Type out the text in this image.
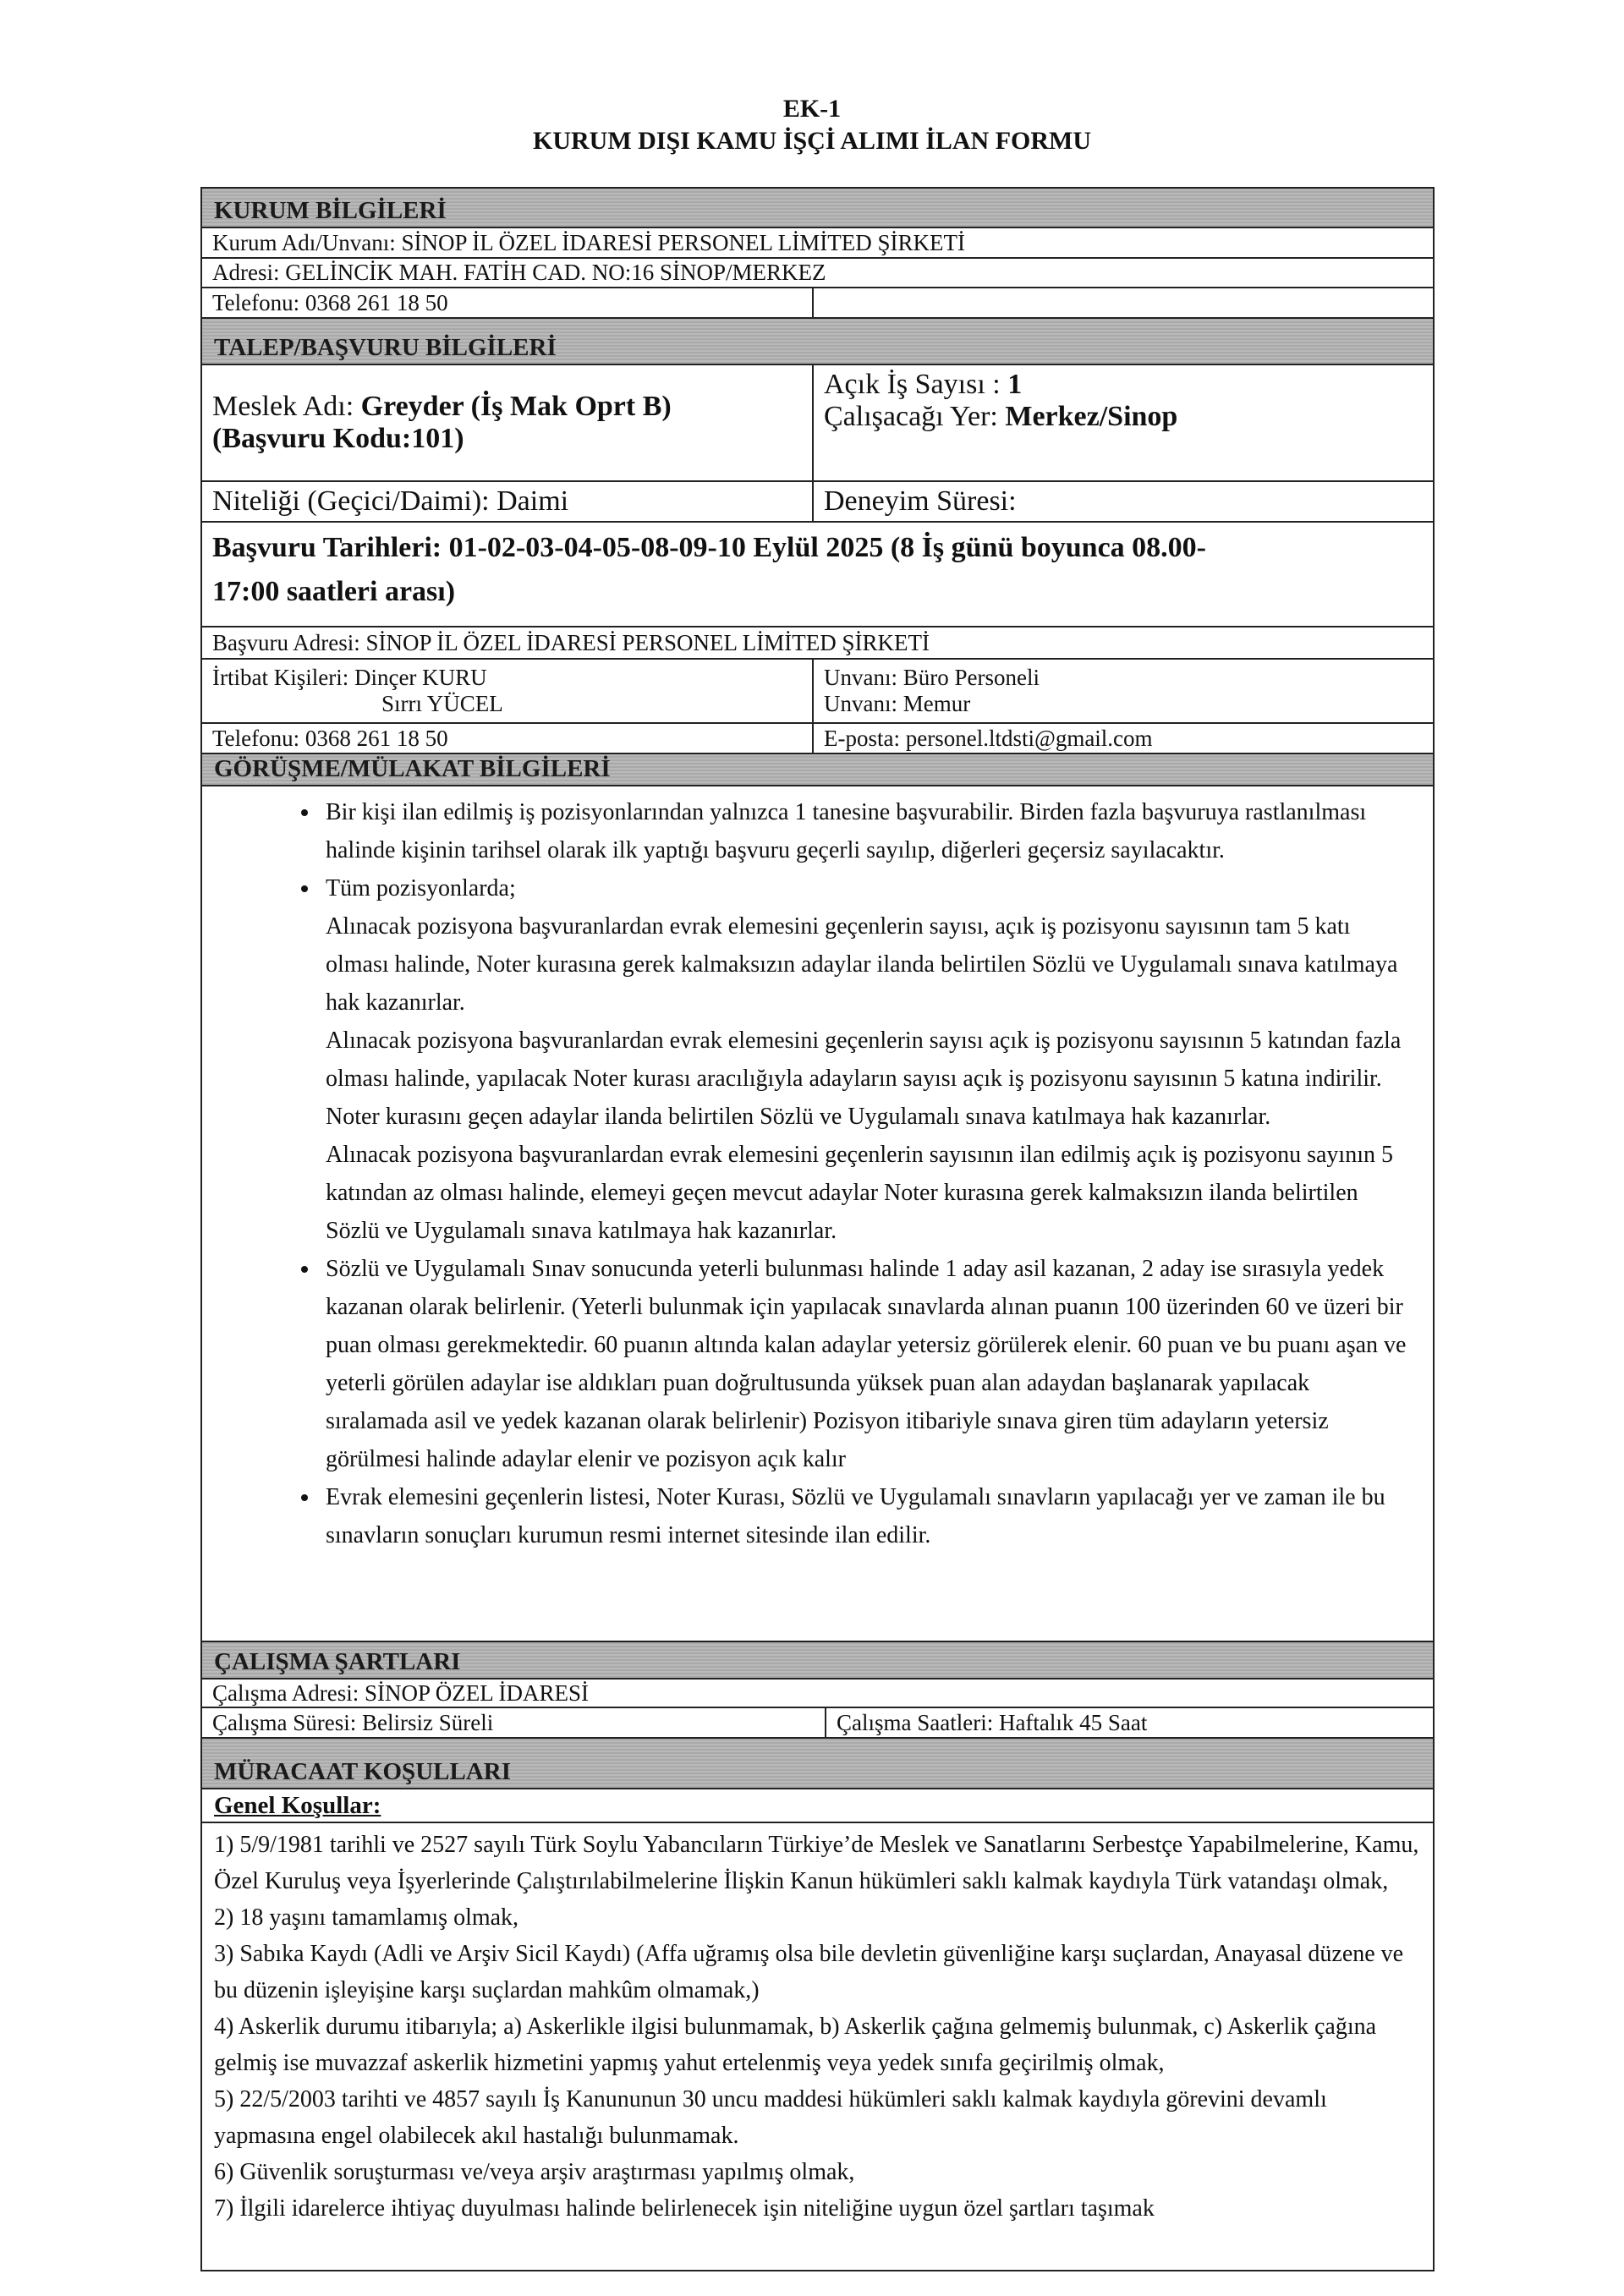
EK-1
KURUM DIŞI KAMU İŞÇİ ALIMI İLAN FORMU
KURUM BİLGİLERİ
Kurum Adı/Unvanı: SİNOP İL ÖZEL İDARESİ PERSONEL LİMİTED ŞİRKETİ
Adresi: GELİNCİK MAH. FATİH CAD. NO:16 SİNOP/MERKEZ
Telefonu: 0368 261 18 50
TALEP/BAŞVURU BİLGİLERİ
Meslek Adı: Greyder (İş Mak Oprt B)
(Başvuru Kodu:101)
Açık İş Sayısı : 1
Çalışacağı Yer: Merkez/Sinop
Niteliği (Geçici/Daimi): Daimi	Deneyim Süresi:
Başvuru Tarihleri: 01-02-03-04-05-08-09-10 Eylül 2025 (8 İş günü boyunca 08.00-
17:00 saatleri arası)
Başvuru Adresi: SİNOP İL ÖZEL İDARESİ PERSONEL LİMİTED ŞİRKETİ
İrtibat Kişileri: Dinçer KURU
Sırrı YÜCEL
Unvanı: Büro Personeli
Unvanı: Memur
Telefonu: 0368 261 18 50	E-posta: personel.ltdsti@gmail.com
GÖRÜŞME/MÜLAKAT BİLGİLERİ
• Bir kişi ilan edilmiş iş pozisyonlarından yalnızca 1 tanesine başvurabilir. Birden fazla başvuruya rastlanılması halinde kişinin tarihsel olarak ilk yaptığı başvuru geçerli sayılıp, diğerleri geçersiz sayılacaktır.

• Tüm pozisyonlarda;

Alınacak pozisyona başvuranlardan evrak elemesini geçenlerin sayısı, açık iş pozisyonu sayısının tam 5 katı olması halinde, Noter kurasına gerek kalmaksızın adaylar ilanda belirtilen Sözlü ve Uygulamalı sınava katılmaya hak kazanırlar.

Alınacak pozisyona başvuranlardan evrak elemesini geçenlerin sayısı açık iş pozisyonu sayısının 5 katından fazla olması halinde, yapılacak Noter kurası aracılığıyla adayların sayısı açık iş pozisyonu sayısının 5 katına indirilir. Noter kurasını geçen adaylar ilanda belirtilen Sözlü ve Uygulamalı sınava katılmaya hak kazanırlar.

Alınacak pozisyona başvuranlardan evrak elemesini geçenlerin sayısının ilan edilmiş açık iş pozisyonu sayının 5 katından az olması halinde, elemeyi geçen mevcut adaylar Noter kurasına gerek kalmaksızın ilanda belirtilen Sözlü ve Uygulamalı sınava katılmaya hak kazanırlar.

• Sözlü ve Uygulamalı Sınav sonucunda yeterli bulunması halinde 1 aday asil kazanan, 2 aday ise sırasıyla yedek kazanan olarak belirlenir. (Yeterli bulunmak için yapılacak sınavlarda alınan puanın 100 üzerinden 60 ve üzeri bir puan olması gerekmektedir. 60 puanın altında kalan adaylar yetersiz görülerek elenir. 60 puan ve bu puanı aşan ve yeterli görülen adaylar ise aldıkları puan doğrultusunda yüksek puan alan adaydan başlanarak yapılacak sıralamada asil ve yedek kazanan olarak belirlenir) Pozisyon itibariyle sınava giren tüm adayların yetersiz görülmesi halinde adaylar elenir ve pozisyon açık kalır
• Evrak elemesini geçenlerin listesi, Noter Kurası, Sözlü ve Uygulamalı sınavların yapılacağı yer ve zaman ile bu sınavların sonuçları kurumun resmi internet sitesinde ilan edilir.
ÇALIŞMA ŞARTLARI
Çalışma Adresi: SİNOP ÖZEL İDARESİ
Çalışma Süresi: Belirsiz Süreli	Çalışma Saatleri: Haftalık 45 Saat
MÜRACAAT KOŞULLARI
Genel Koşullar:

1) 5/9/1981 tarihli ve 2527 sayılı Türk Soylu Yabancıların Türkiye’de Meslek ve Sanatlarını Serbestçe Yapabilmelerine, Kamu, Özel Kuruluş veya İşyerlerinde Çalıştırılabilmelerine İlişkin Kanun hükümleri saklı kalmak kaydıyla Türk vatandaşı olmak,

2) 18 yaşını tamamlamış olmak,

3) Sabıka Kaydı (Adli ve Arşiv Sicil Kaydı) (Affa uğramış olsa bile devletin güvenliğine karşı suçlardan, Anayasal düzene ve bu düzenin işleyişine karşı suçlardan mahkûm olmamak,)

4) Askerlik durumu itibarıyla; a) Askerlikle ilgisi bulunmamak, b) Askerlik çağına gelmemiş bulunmak, c) Askerlik çağına gelmiş ise muvazzaf askerlik hizmetini yapmış yahut ertelenmiş veya yedek sınıfa geçirilmiş olmak,

5) 22/5/2003 tarihti ve 4857 sayılı İş Kanununun 30 uncu maddesi hükümleri saklı kalmak kaydıyla görevini devamlı yapmasına engel olabilecek akıl hastalığı bulunmamak.

6) Güvenlik soruşturması ve/veya arşiv araştırması yapılmış olmak,

7) İlgili idarelerce ihtiyaç duyulması halinde belirlenecek işin niteliğine uygun özel şartları taşımak
